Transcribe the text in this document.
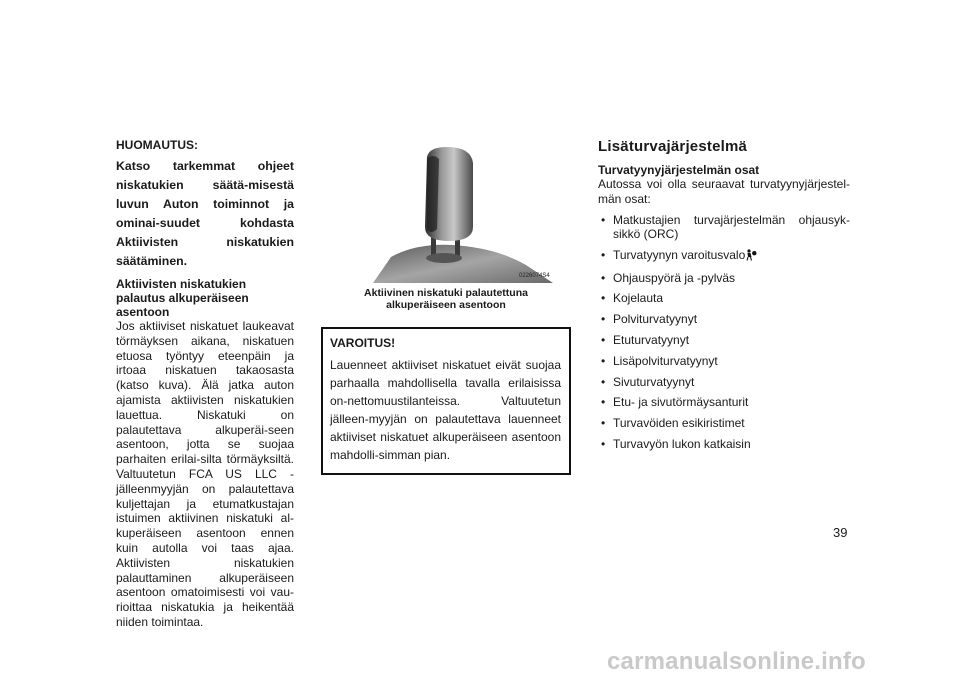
HUOMAUTUS:

Katso tarkemmat ohjeet niskatukien säätä-misestä luvun Auton toiminnot ja ominai-suudet kohdasta Aktiivisten niskatukien säätäminen.

Aktiivisten niskatukien palautus alkuperäiseen asentoon

Jos aktiiviset niskatuet laukeavat törmäyksen aikana, niskatuen etuosa työntyy eteenpäin ja irtoaa niskatuen takaosasta (katso kuva). Älä jatka auton ajamista aktiivisten niskatukien lauettua. Niskatuki on palautettava alkuperäi-seen asentoon, jotta se suojaa parhaiten erilai-silta törmäyksiltä. Valtuutetun FCA US LLC -jälleenmyyjän on palautettava kuljettajan ja etumatkustajan istuimen aktiivinen niskatuki al-kuperäiseen asentoon ennen kuin autolla voi taas ajaa. Aktiivisten niskatukien palauttaminen alkuperäiseen asentoon omatoimisesti voi vau-rioittaa niskatukia ja heikentää niiden toimintaa.

0226074S4
Aktiivinen niskatuki palautettuna
alkuperäiseen asentoon

VAROITUS!

Lauenneet aktiiviset niskatuet eivät suojaa parhaalla mahdollisella tavalla erilaisissa on-nettomuustilanteissa. Valtuutetun jälleen-myyjän on palautettava lauenneet aktiiviset niskatuet alkuperäiseen asentoon mahdolli-simman pian.

Lisäturvajärjestelmä

Turvatyynyjärjestelmän osat

Autossa voi olla seuraavat turvatyynyjärjestel-män osat:

• Matkustajien turvajärjestelmän ohjausyk-sikkö (ORC)
• Turvatyynyn varoitusvalo
• Ohjauspyörä ja -pylväs
• Kojelauta
• Polviturvatyynyt
• Etuturvatyynyt
• Lisäpolviturvatyynyt
• Sivuturvatyynyt
• Etu- ja sivutörmäysanturit
• Turvavöiden esikiristimet
• Turvavyön lukon katkaisin
39
carmanualsonline.info
